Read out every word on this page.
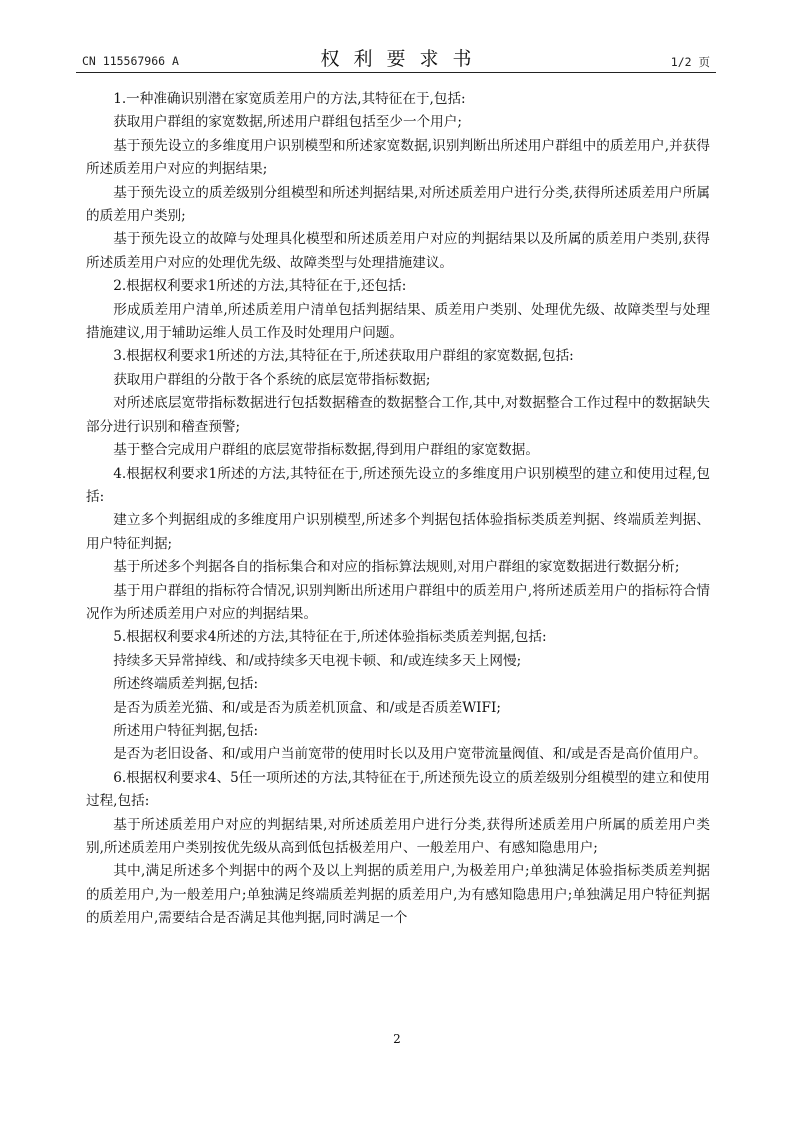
CN 115567966 A	权利要求书	1/2 页

1.一种准确识别潜在家宽质差用户的方法,其特征在于,包括:

获取用户群组的家宽数据,所述用户群组包括至少一个用户;

基于预先设立的多维度用户识别模型和所述家宽数据,识别判断出所述用户群组中的质差用户,并获得所述质差用户对应的判据结果;

基于预先设立的质差级别分组模型和所述判据结果,对所述质差用户进行分类,获得所述质差用户所属的质差用户类别;

基于预先设立的故障与处理具化模型和所述质差用户对应的判据结果以及所属的质差用户类别,获得所述质差用户对应的处理优先级、故障类型与处理措施建议。

2.根据权利要求1所述的方法,其特征在于,还包括:

形成质差用户清单,所述质差用户清单包括判据结果、质差用户类别、处理优先级、故障类型与处理措施建议,用于辅助运维人员工作及时处理用户问题。

3.根据权利要求1所述的方法,其特征在于,所述获取用户群组的家宽数据,包括:

获取用户群组的分散于各个系统的底层宽带指标数据;

对所述底层宽带指标数据进行包括数据稽查的数据整合工作,其中,对数据整合工作过程中的数据缺失部分进行识别和稽查预警;

基于整合完成用户群组的底层宽带指标数据,得到用户群组的家宽数据。

4.根据权利要求1所述的方法,其特征在于,所述预先设立的多维度用户识别模型的建立和使用过程,包括:

建立多个判据组成的多维度用户识别模型,所述多个判据包括体验指标类质差判据、终端质差判据、用户特征判据;

基于所述多个判据各自的指标集合和对应的指标算法规则,对用户群组的家宽数据进行数据分析;

基于用户群组的指标符合情况,识别判断出所述用户群组中的质差用户,将所述质差用户的指标符合情况作为所述质差用户对应的判据结果。

5.根据权利要求4所述的方法,其特征在于,所述体验指标类质差判据,包括:

持续多天异常掉线、和/或持续多天电视卡顿、和/或连续多天上网慢;

所述终端质差判据,包括:

是否为质差光猫、和/或是否为质差机顶盒、和/或是否质差WIFI;

所述用户特征判据,包括:

是否为老旧设备、和/或用户当前宽带的使用时长以及用户宽带流量阀值、和/或是否是高价值用户。

6.根据权利要求4、5任一项所述的方法,其特征在于,所述预先设立的质差级别分组模型的建立和使用过程,包括:

基于所述质差用户对应的判据结果,对所述质差用户进行分类,获得所述质差用户所属的质差用户类别,所述质差用户类别按优先级从高到低包括极差用户、一般差用户、有感知隐患用户;

其中,满足所述多个判据中的两个及以上判据的质差用户,为极差用户;单独满足体验指标类质差判据的质差用户,为一般差用户;单独满足终端质差判据的质差用户,为有感知隐患用户;单独满足用户特征判据的质差用户,需要结合是否满足其他判据,同时满足一个

2
